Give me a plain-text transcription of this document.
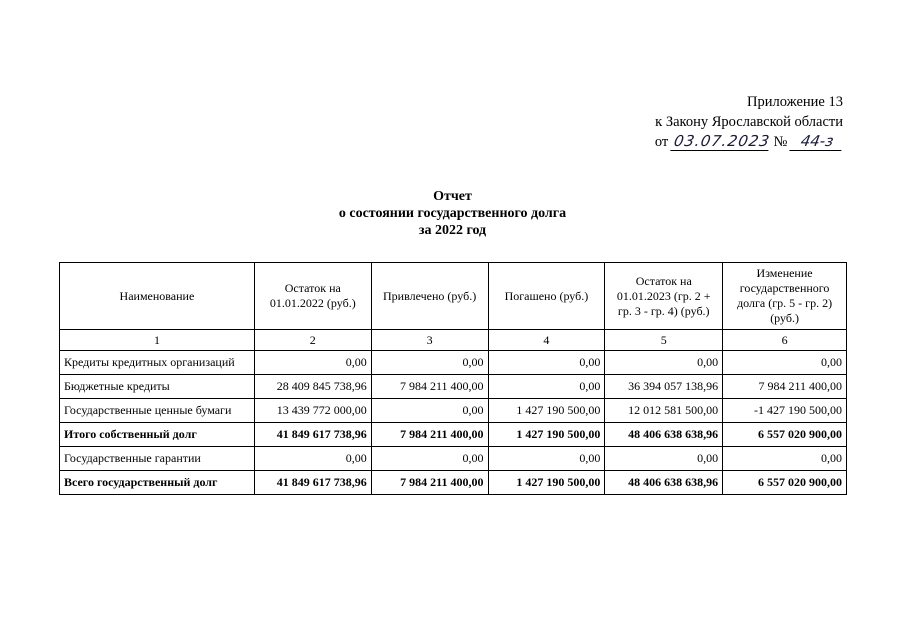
Приложение 13
к Закону Ярославской области
от 03.07.2023 № 44-з
Отчет
о состоянии государственного долга
за 2022 год
Наименование	Остаток на 01.01.2022 (руб.)	Привлечено (руб.)	Погашено (руб.)	Остаток на 01.01.2023 (гр. 2 + гр. 3 - гр. 4) (руб.)	Изменение государственного долга (гр. 5 - гр. 2) (руб.)
1	2	3	4	5	6
Кредиты кредитных организаций	0,00	0,00	0,00	0,00	0,00
Бюджетные кредиты	28 409 845 738,96	7 984 211 400,00	0,00	36 394 057 138,96	7 984 211 400,00
Государственные ценные бумаги	13 439 772 000,00	0,00	1 427 190 500,00	12 012 581 500,00	-1 427 190 500,00
Итого собственный долг	41 849 617 738,96	7 984 211 400,00	1 427 190 500,00	48 406 638 638,96	6 557 020 900,00
Государственные гарантии	0,00	0,00	0,00	0,00	0,00
Всего государственный долг	41 849 617 738,96	7 984 211 400,00	1 427 190 500,00	48 406 638 638,96	6 557 020 900,00
